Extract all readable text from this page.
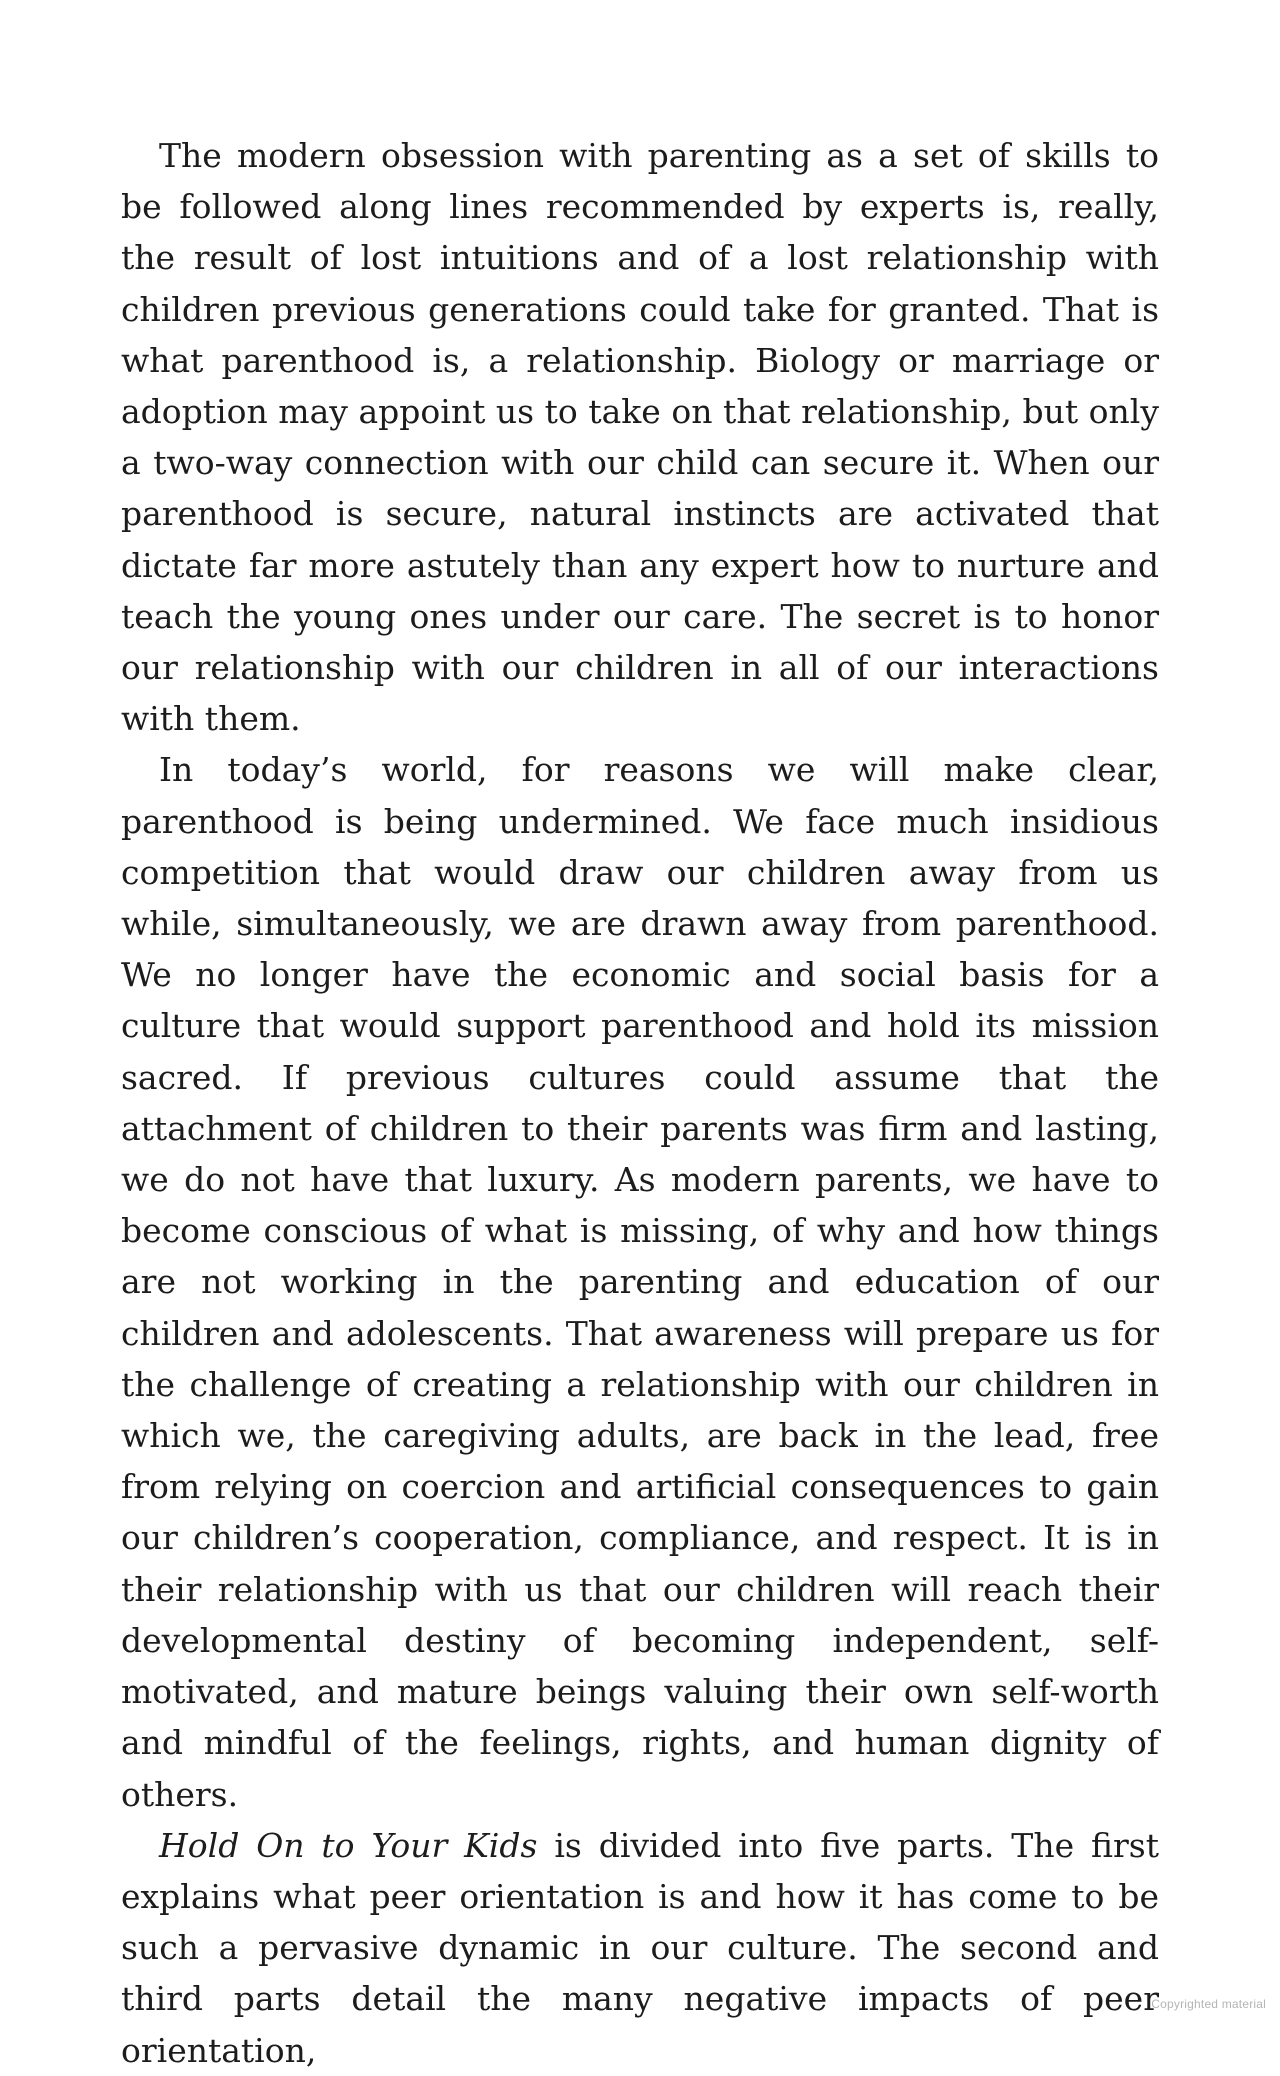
The modern obsession with parenting as a set of skills to be followed along lines recommended by experts is, really, the result of lost intuitions and of a lost relationship with children previous generations could take for granted. That is what parenthood is, a relationship. Biology or marriage or adoption may appoint us to take on that relationship, but only a two-way connection with our child can secure it. When our parenthood is secure, natural instincts are activated that dictate far more astutely than any expert how to nurture and teach the young ones under our care. The secret is to honor our relationship with our children in all of our interactions with them.

In today’s world, for reasons we will make clear, parenthood is being undermined. We face much insidious competition that would draw our children away from us while, simultaneously, we are drawn away from parenthood. We no longer have the economic and social basis for a culture that would support parenthood and hold its mission sacred. If previous cultures could assume that the attachment of children to their parents was firm and lasting, we do not have that luxury. As modern parents, we have to become conscious of what is missing, of why and how things are not working in the parenting and education of our children and adolescents. That awareness will prepare us for the challenge of creating a relationship with our children in which we, the caregiving adults, are back in the lead, free from relying on coercion and artificial consequences to gain our children’s cooperation, compliance, and respect. It is in their relationship with us that our children will reach their developmental destiny of becoming independent, self-motivated, and mature beings valuing their own self-worth and mindful of the feelings, rights, and human dignity of others.

Hold On to Your Kids is divided into five parts. The first explains what peer orientation is and how it has come to be such a pervasive dynamic in our culture. The second and third parts detail the many negative impacts of peer orientation,

Copyrighted material
